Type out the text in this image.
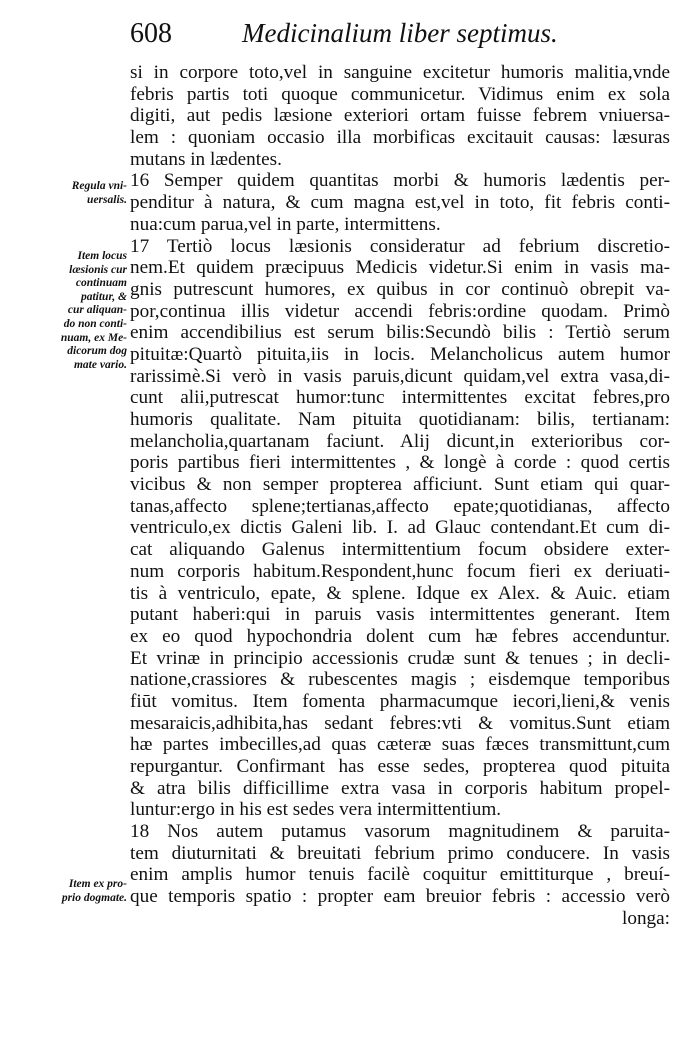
608	Medicinalium liber septimus.
Regula vni-
uersalis.
Item locus
læsionis cur
continuam
patitur, &
cur aliquan-
do non conti-
nuam, ex Me-
dicorum dog
mate vario.
Item ex pro-
prio dogmate.
si in corpore toto,vel in sanguine excitetur humoris malitia,vnde
febris partis toti quoque communicetur. Vidimus enim ex sola
digiti, aut pedis læsione exteriori ortam fuisse febrem vniuersa-
lem : quoniam occasio illa morbificas excitauit causas: læsuras
mutans in lædentes.
16 Semper quidem quantitas morbi & humoris lædentis per-
penditur à natura, & cum magna est,vel in toto, fit febris conti-
nua:cum parua,vel in parte, intermittens.
17 Tertiò locus læsionis consideratur ad febrium discretio-
nem.Et quidem præcipuus Medicis videtur.Si enim in vasis ma-
gnis putrescunt humores, ex quibus in cor continuò obrepit va-
por,continua illis videtur accendi febris:ordine quodam. Primò
enim accendibilius est serum bilis:Secundò bilis : Tertiò serum
pituitæ:Quartò pituita,iis in locis. Melancholicus autem humor
rarissimè.Si verò in vasis paruis,dicunt quidam,vel extra vasa,di-
cunt alii,putrescat humor:tunc intermittentes excitat febres,pro
humoris qualitate. Nam pituita quotidianam: bilis, tertianam:
melancholia,quartanam faciunt. Alij dicunt,in exterioribus cor-
poris partibus fieri intermittentes , & longè à corde : quod certis
vicibus & non semper propterea afficiunt. Sunt etiam qui quar-
tanas,affecto splene;tertianas,affecto epate;quotidianas, affecto
ventriculo,ex dictis Galeni lib. I. ad Glauc contendant.Et cum di-
cat aliquando Galenus intermittentium focum obsidere exter-
num corporis habitum.Respondent,hunc focum fieri ex deriuati-
tis à ventriculo, epate, & splene. Idque ex Alex. & Auic. etiam
putant haberi:qui in paruis vasis intermittentes generant. Item
ex eo quod hypochondria dolent cum hæ febres accenduntur.
Et vrinæ in principio accessionis crudæ sunt & tenues ; in decli-
natione,crassiores & rubescentes magis ; eisdemque temporibus
fiūt vomitus. Item fomenta pharmacumque iecori,lieni,& venis
mesaraicis,adhibita,has sedant febres:vti & vomitus.Sunt etiam
hæ partes imbecilles,ad quas cæteræ suas fæces transmittunt,cum
repurgantur. Confirmant has esse sedes, propterea quod pituita
& atra bilis difficillime extra vasa in corporis habitum propel-
luntur:ergo in his est sedes vera intermittentium.
18 Nos autem putamus vasorum magnitudinem & paruita-
tem diuturnitati & breuitati febrium primo conducere. In vasis
enim amplis humor tenuis facilè coquitur emittiturque , breuí-
que temporis spatio : propter eam breuior febris : accessio verò
longa:
